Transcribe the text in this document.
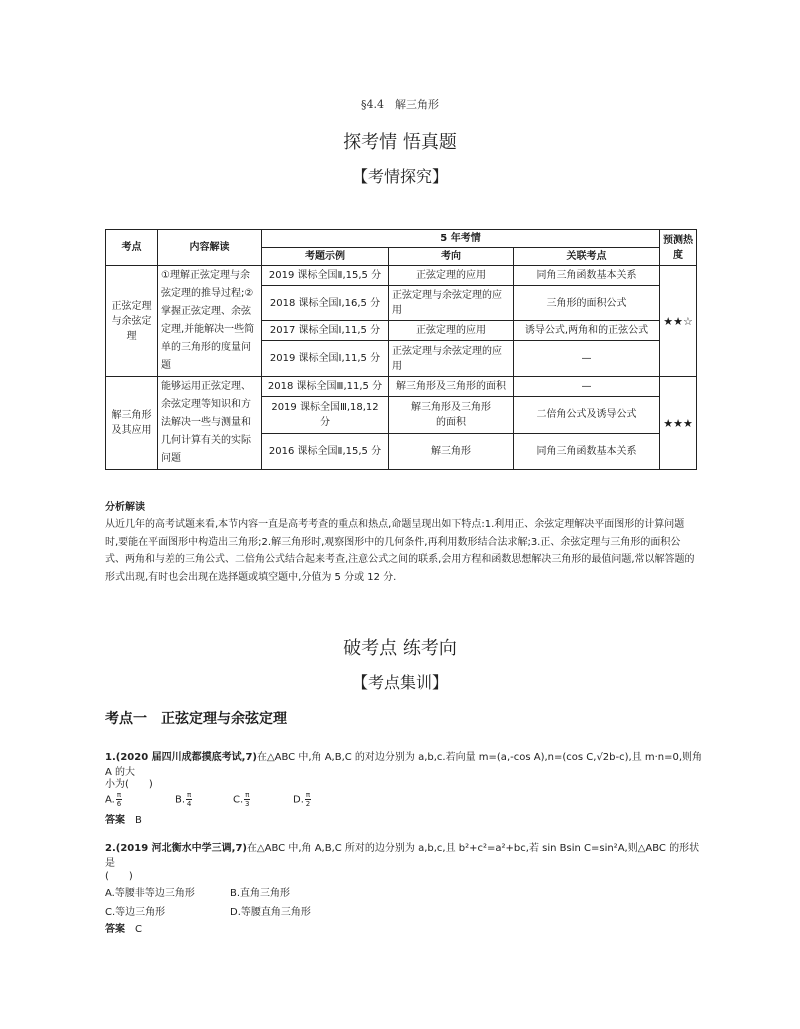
§4.4　解三角形
探考情 悟真题
【考情探究】
考点	内容解读	5 年考情			预测热度
		考题示例	考向	关联考点	
正弦定理与余弦定理	①理解正弦定理与余弦定理的推导过程;②掌握正弦定理、余弦定理,并能解决一些简单的三角形的度量问题	2019 课标全国Ⅱ,15,5 分	正弦定理的应用	同角三角函数基本关系	★★☆
		2018 课标全国Ⅰ,16,5 分	正弦定理与余弦定理的应用	三角形的面积公式	
		2017 课标全国Ⅰ,11,5 分	正弦定理的应用	诱导公式,两角和的正弦公式	
		2019 课标全国Ⅰ,11,5 分	正弦定理与余弦定理的应用	—	
解三角形及其应用	能够运用正弦定理、余弦定理等知识和方法解决一些与测量和几何计算有关的实际问题	2018 课标全国Ⅲ,11,5 分	解三角形及三角形的面积	—	★★★
		2019 课标全国Ⅲ,18,12 分	解三角形及三角形的面积	二倍角公式及诱导公式	
		2016 课标全国Ⅱ,15,5 分	解三角形	同角三角函数基本关系	
分析解读
从近几年的高考试题来看,本节内容一直是高考考查的重点和热点,命题呈现出如下特点:1.利用正、余弦定理解决平面图形的计算问题时,要能在平面图形中构造出三角形;2.解三角形时,观察图形中的几何条件,再利用数形结合法求解;3.正、余弦定理与三角形的面积公式、两角和与差的三角公式、二倍角公式结合起来考查,注意公式之间的联系,会用方程和函数思想解决三角形的最值问题,常以解答题的形式出现,有时也会出现在选择题或填空题中,分值为 5 分或 12 分.
破考点 练考向
【考点集训】
考点一　正弦定理与余弦定理
1.(2020 届四川成都摸底考试,7)在△ABC 中,角 A,B,C 的对边分别为 a,b,c.若向量 m=(a,-cos A),n=(cos C,√2b-c),且 m·n=0,则角 A 的大
小为(　　)
A. $\frac{\pi}{6}$	B. $\frac{\pi}{4}$	C. $\frac{\pi}{3}$	D. $\frac{\pi}{2}$
答案　 B
2.(2019 河北衡水中学三调,7)在△ABC 中,角 A,B,C 所对的边分别为 a,b,c,且 b²+c²=a²+bc,若 sin Bsin C=sin²A,则△ABC 的形状是
(　　)
A.等腰非等边三角形	B.直角三角形
C.等边三角形	D.等腰直角三角形
答案　 C
